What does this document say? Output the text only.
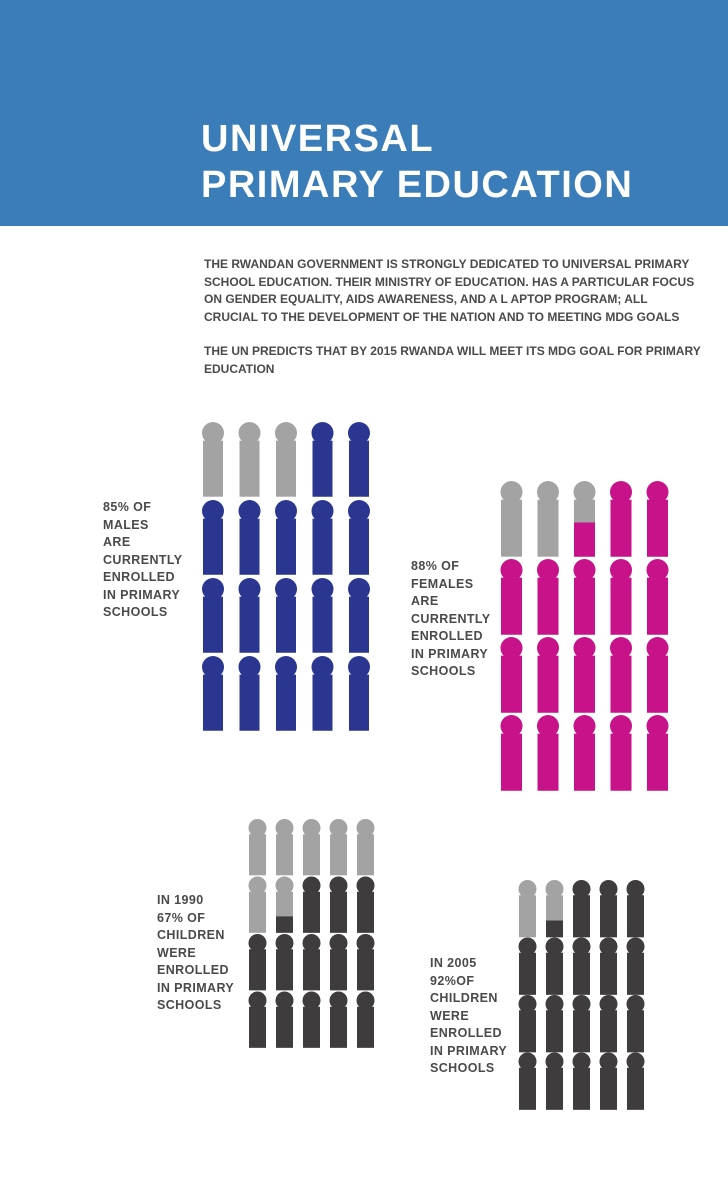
UNIVERSAL
PRIMARY EDUCATION

THE RWANDAN GOVERNMENT IS STRONGLY DEDICATED TO UNIVERSAL PRIMARY SCHOOL EDUCATION. THEIR MINISTRY OF EDUCATION. HAS A PARTICULAR FOCUS ON GENDER EQUALITY, AIDS AWARENESS, AND A L APTOP PROGRAM; ALL CRUCIAL TO THE DEVELOPMENT OF THE NATION AND TO MEETING MDG GOALS

THE UN PREDICTS THAT BY 2015 RWANDA WILL MEET ITS MDG GOAL FOR PRIMARY EDUCATION

85% OF
MALES
ARE
CURRENTLY
ENROLLED
IN PRIMARY
SCHOOLS
88% OF
FEMALES
ARE
CURRENTLY
ENROLLED
IN PRIMARY
SCHOOLS
IN 1990
67% OF
CHILDREN
WERE
ENROLLED
IN PRIMARY
SCHOOLS
IN 2005
92%OF
CHILDREN
WERE
ENROLLED
IN PRIMARY
SCHOOLS
